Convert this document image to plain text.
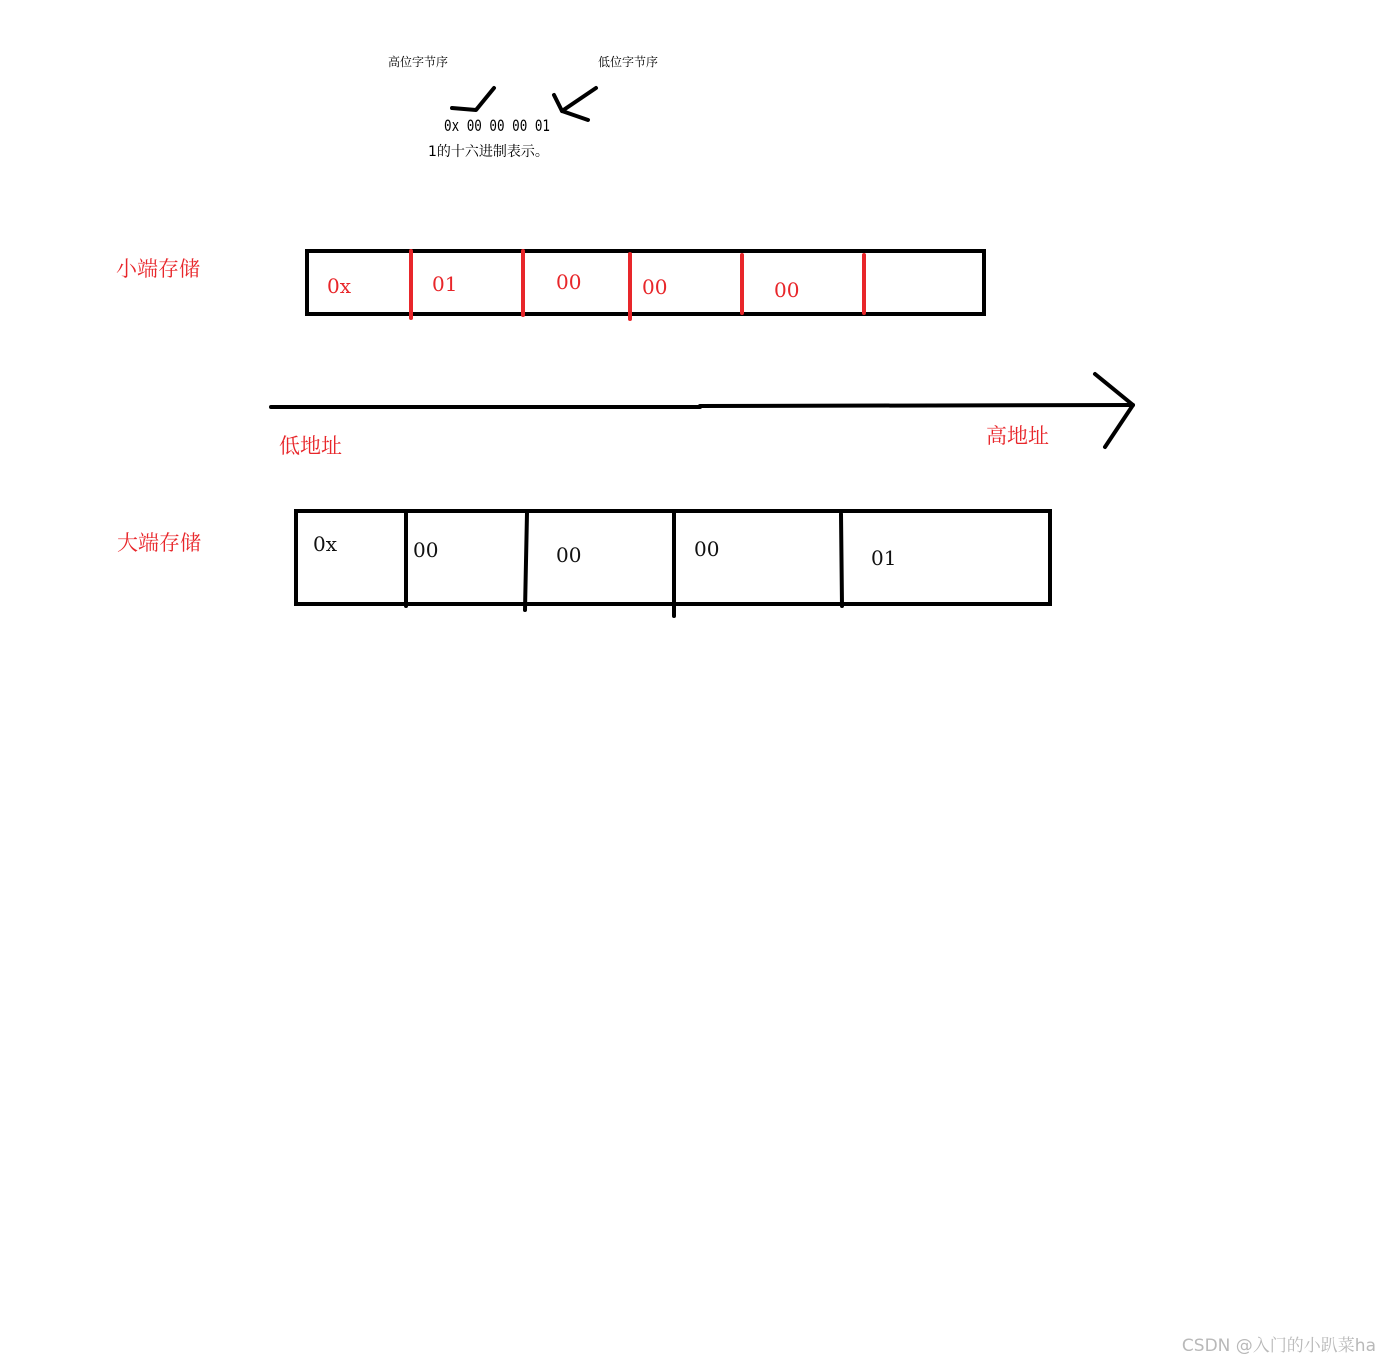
高位字节序	低位字节序
0x 00 00 00 01
1的十六进制表示。
小端存储
0x	01	00	00	00
低地址	高地址
大端存储	0x	00	00	00	01
CSDN @入门的小趴菜ha
